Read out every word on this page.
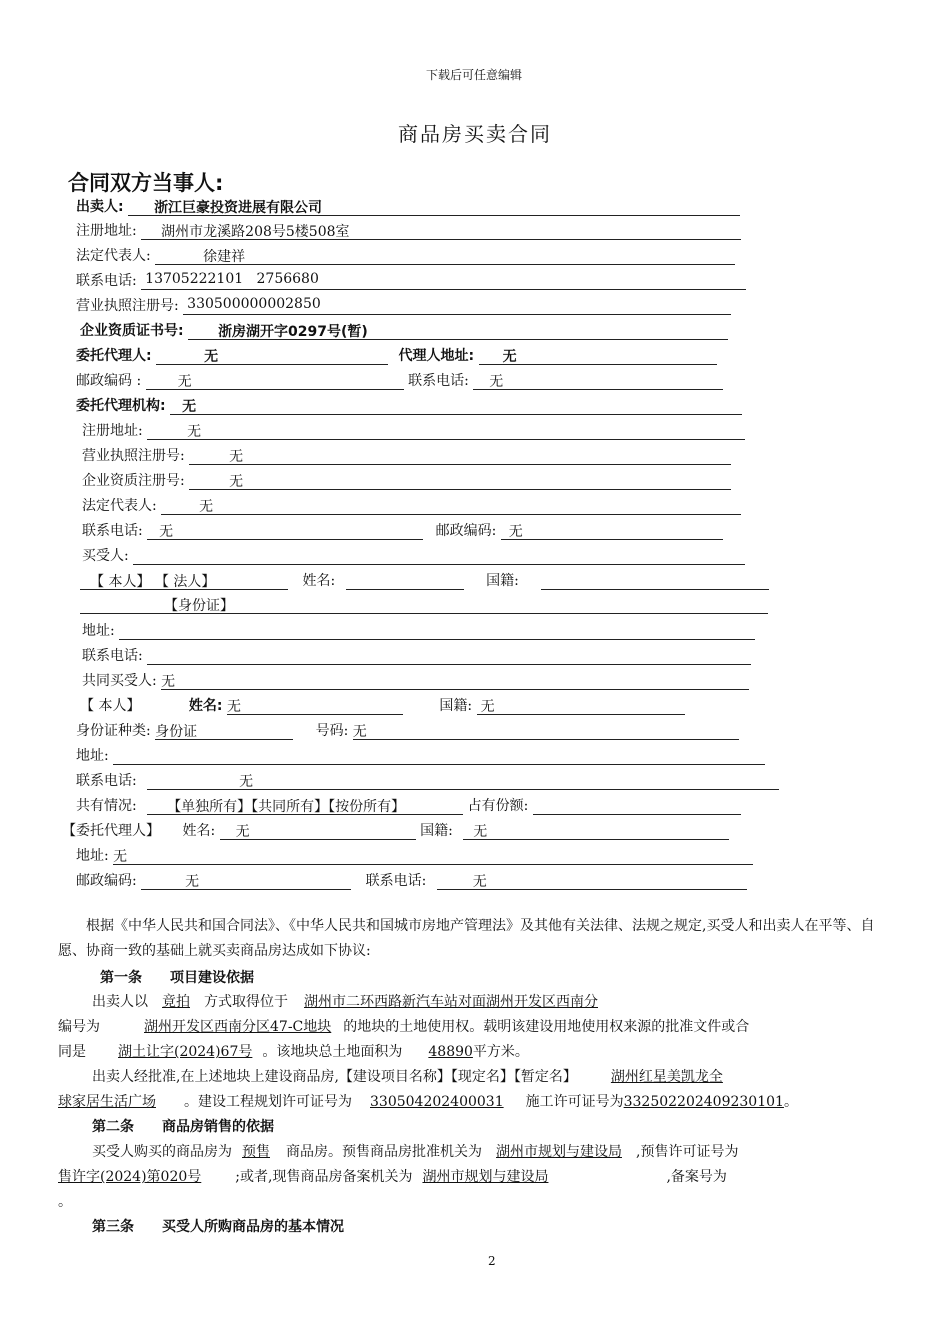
下载后可任意编辑
商品房买卖合同
合同双方当事人:
出卖人: 浙江巨豪投资进展有限公司
注册地址: 湖州市龙溪路208号5楼508室
法定代表人:	徐建祥
联系电话: 13705222101   2756680
营业执照注册号: 330500000002850
企业资质证书号: 浙房湖开字0297号(暂)
委托代理人:	无	代理人地址: 无
邮政编码 :	无	联系电话: 无
委托代理机构: 无
注册地址:	无
营业执照注册号:	无
企业资质注册号:	无
法定代表人:	无
联系电话: 无	邮政编码: 无
买受人:
【 本人】 【 法人】	姓名:	国籍:
【身份证】
地址:
联系电话:
共同买受人: 无
【 本人】	姓名: 无	国籍: 无
身份证种类: 身份证	号码: 无
地址:
联系电话:	无
共有情况: 【单独所有】【共同所有】【按份所有】	占有份额:
【委托代理人】 姓名: 无	国籍: 无
地址: 无
邮政编码:	无	联系电话:	无
根据《中华人民共和国合同法》、《中华人民共和国城市房地产管理法》及其他有关法律、法规之规定,买受人和出卖人在平等、自愿、协商一致的基础上就买卖商品房达成如下协议:
第一条　　项目建设依据
出卖人以 竟拍 方式取得位于 湖州市二环西路新汽车站对面湖州开发区西南分
编号为	湖州开发区西南分区47-C地块 的地块的土地使用权。载明该建设用地使用权来源的批准文件或合
同是 湖土让字(2024)67号 。该地块总土地面积为 48890平方米。
出卖人经批准,在上述地块上建设商品房,【建设项目名称】【现定名】【暂定名】 湖州红星美凯龙全
球家居生活广场 。建设工程规划许可证号为 330504202400031 施工许可证号为332502202409230101。
第二条　　商品房销售的依据
买受人购买的商品房为 预售 商品房。预售商品房批准机关为 湖州市规划与建设局 ,预售许可证号为
售许字(2024)第020号 ;或者,现售商品房备案机关为 湖州市规划与建设局	,备案号为
。
第三条　　买受人所购商品房的基本情况
2
